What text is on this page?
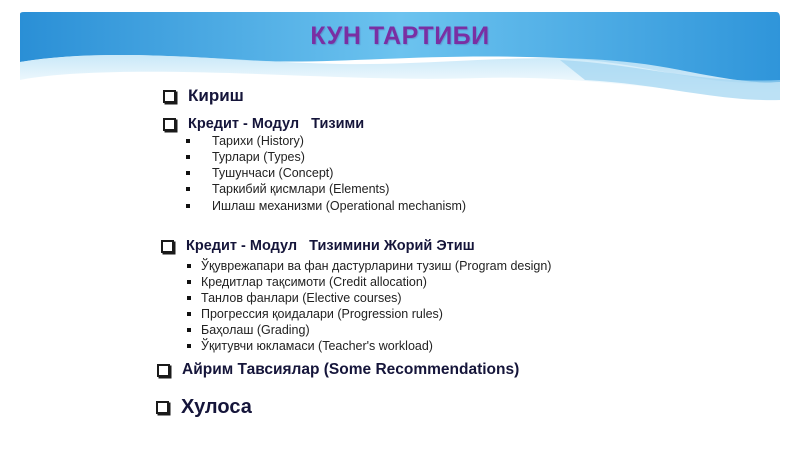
КУН ТАРТИБИ
Кириш
Кредит - Модул   Тизими
Тарихи (History)
Турлари (Types)
Тушунчаси (Concept)
Таркибий қисмлари (Elements)
Ишлаш механизми (Operational mechanism)
Кредит - Модул   Тизимини Жорий Этиш
Ўқуврежапари ва фан дастурларини тузиш (Program design)
Кредитлар тақсимоти (Credit allocation)
Танлов фанлари (Elective courses)
Прогрессия қоидалари (Progression rules)
Баҳолаш (Grading)
Ўқитувчи юкламаси (Teacher's workload)
Айрим Тавсиялар (Some Recommendations)
Хулоса
